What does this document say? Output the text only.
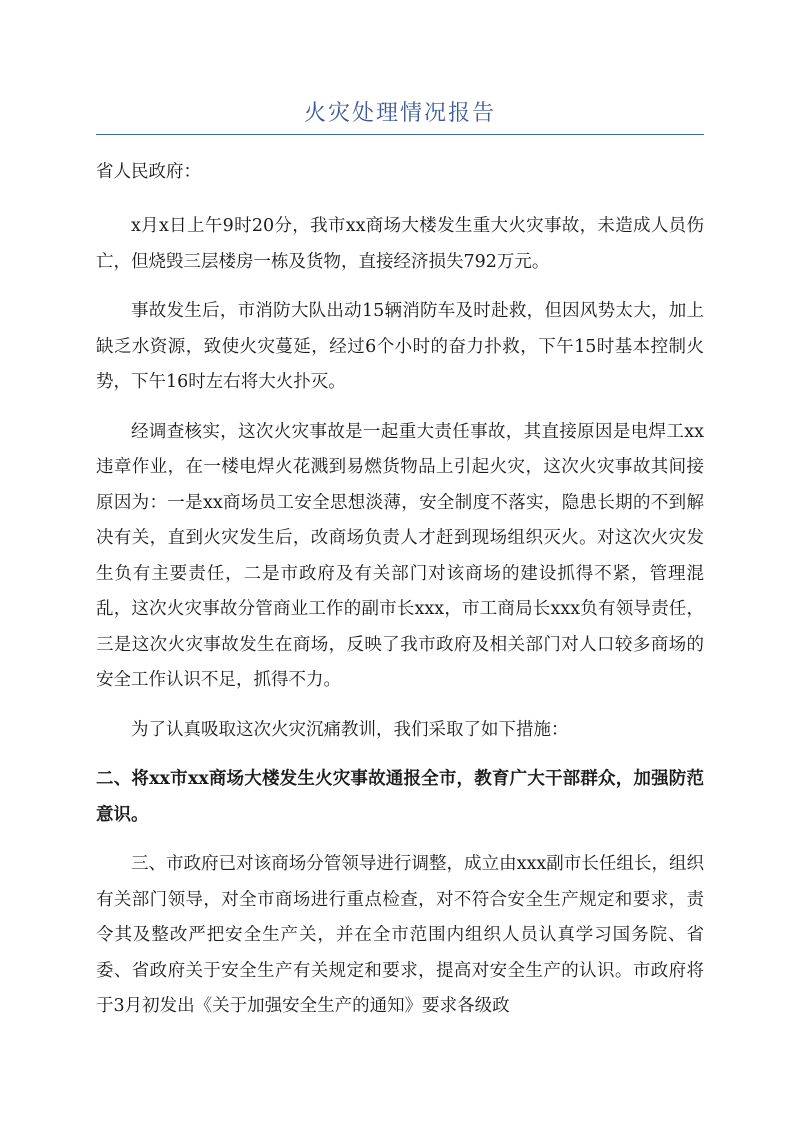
火灾处理情况报告
省人民政府：

x月x日上午9时20分，我市xx商场大楼发生重大火灾事故，未造成人员伤亡，但烧毁三层楼房一栋及货物，直接经济损失792万元。

事故发生后，市消防大队出动15辆消防车及时赴救，但因风势太大，加上缺乏水资源，致使火灾蔓延，经过6个小时的奋力扑救，下午15时基本控制火势，下午16时左右将大火扑灭。

经调查核实，这次火灾事故是一起重大责任事故，其直接原因是电焊工xx违章作业，在一楼电焊火花溅到易燃货物品上引起火灾，这次火灾事故其间接原因为：一是xx商场员工安全思想淡薄，安全制度不落实，隐患长期的不到解决有关，直到火灾发生后，改商场负责人才赶到现场组织灭火。对这次火灾发生负有主要责任，二是市政府及有关部门对该商场的建设抓得不紧，管理混乱，这次火灾事故分管商业工作的副市长xxx，市工商局长xxx负有领导责任，三是这次火灾事故发生在商场，反映了我市政府及相关部门对人口较多商场的安全工作认识不足，抓得不力。

为了认真吸取这次火灾沉痛教训，我们采取了如下措施：

二、将xx市xx商场大楼发生火灾事故通报全市，教育广大干部群众，加强防范意识。

三、市政府已对该商场分管领导进行调整，成立由xxx副市长任组长，组织有关部门领导，对全市商场进行重点检查，对不符合安全生产规定和要求，责令其及整改严把安全生产关，并在全市范围内组织人员认真学习国务院、省委、省政府关于安全生产有关规定和要求，提高对安全生产的认识。市政府将于3月初发出《关于加强安全生产的通知》要求各级政
